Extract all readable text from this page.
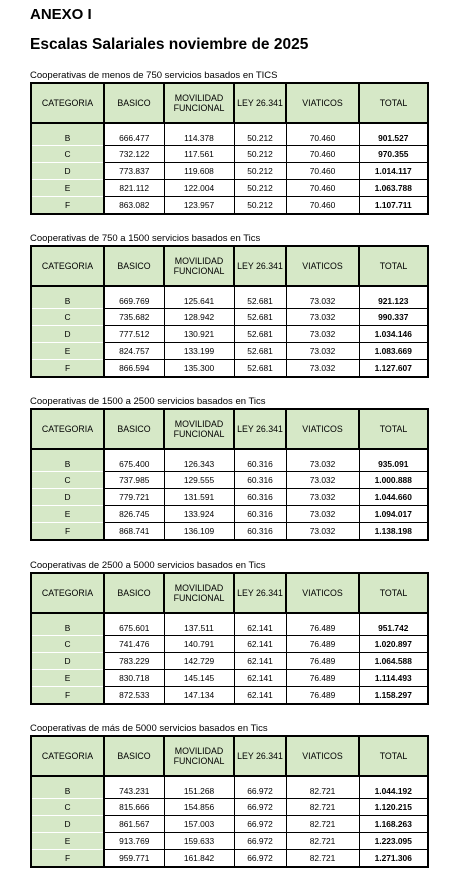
ANEXO I
Escalas Salariales noviembre de 2025
Cooperativas de menos de 750 servicios basados en TICS
CATEGORIA	BASICO	MOVILIDAD FUNCIONAL	LEY 26.341	VIATICOS	TOTAL
B	666.477	114.378	50.212	70.460	901.527
C	732.122	117.561	50.212	70.460	970.355
D	773.837	119.608	50.212	70.460	1.014.117
E	821.112	122.004	50.212	70.460	1.063.788
F	863.082	123.957	50.212	70.460	1.107.711
Cooperativas de 750 a 1500 servicios basados en Tics
CATEGORIA	BASICO	MOVILIDAD FUNCIONAL	LEY 26.341	VIATICOS	TOTAL
B	669.769	125.641	52.681	73.032	921.123
C	735.682	128.942	52.681	73.032	990.337
D	777.512	130.921	52.681	73.032	1.034.146
E	824.757	133.199	52.681	73.032	1.083.669
F	866.594	135.300	52.681	73.032	1.127.607
Cooperativas de 1500 a 2500 servicios basados en Tics
CATEGORIA	BASICO	MOVILIDAD FUNCIONAL	LEY 26.341	VIATICOS	TOTAL
B	675.400	126.343	60.316	73.032	935.091
C	737.985	129.555	60.316	73.032	1.000.888
D	779.721	131.591	60.316	73.032	1.044.660
E	826.745	133.924	60.316	73.032	1.094.017
F	868.741	136.109	60.316	73.032	1.138.198
Cooperativas de 2500 a 5000 servicios basados en Tics
CATEGORIA	BASICO	MOVILIDAD FUNCIONAL	LEY 26.341	VIATICOS	TOTAL
B	675.601	137.511	62.141	76.489	951.742
C	741.476	140.791	62.141	76.489	1.020.897
D	783.229	142.729	62.141	76.489	1.064.588
E	830.718	145.145	62.141	76.489	1.114.493
F	872.533	147.134	62.141	76.489	1.158.297
Cooperativas de más de 5000 servicios basados en Tics
CATEGORIA	BASICO	MOVILIDAD FUNCIONAL	LEY 26.341	VIATICOS	TOTAL
B	743.231	151.268	66.972	82.721	1.044.192
C	815.666	154.856	66.972	82.721	1.120.215
D	861.567	157.003	66.972	82.721	1.168.263
E	913.769	159.633	66.972	82.721	1.223.095
F	959.771	161.842	66.972	82.721	1.271.306
